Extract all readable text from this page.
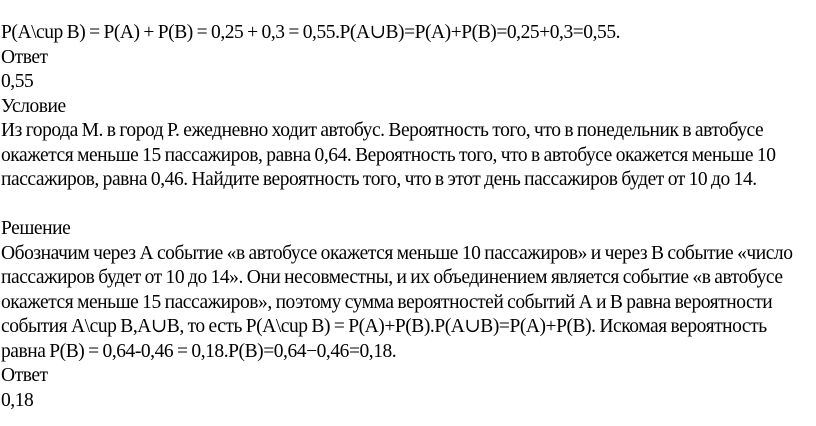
P(A\cup B) = P(A) + P(B) = 0,25 + 0,3 = 0,55.P(A∪B)=P(A)+P(B)=0,25+0,3=0,55.
Ответ
0,55
Условие
Из города М. в город Р. ежедневно ходит автобус. Вероятность того, что в понедельник в автобусе
окажется меньше 15 пассажиров, равна 0,64. Вероятность того, что в автобусе окажется меньше 10
пассажиров, равна 0,46. Найдите вероятность того, что в этот день пассажиров будет от 10 до 14.
Решение
Обозначим через А событие «в автобусе окажется меньше 10 пассажиров» и через В событие «число
пассажиров будет от 10 до 14». Они несовместны, и их объединением является событие «в автобусе
окажется меньше 15 пассажиров», поэтому сумма вероятностей событий А и В равна вероятности
события A\cup B,A∪B, то есть P(A\cup B) = P(A)+P(B).P(A∪B)=P(A)+P(B). Искомая вероятность
равна P(B) = 0,64-0,46 = 0,18.P(B)=0,64−0,46=0,18.
Ответ
0,18
